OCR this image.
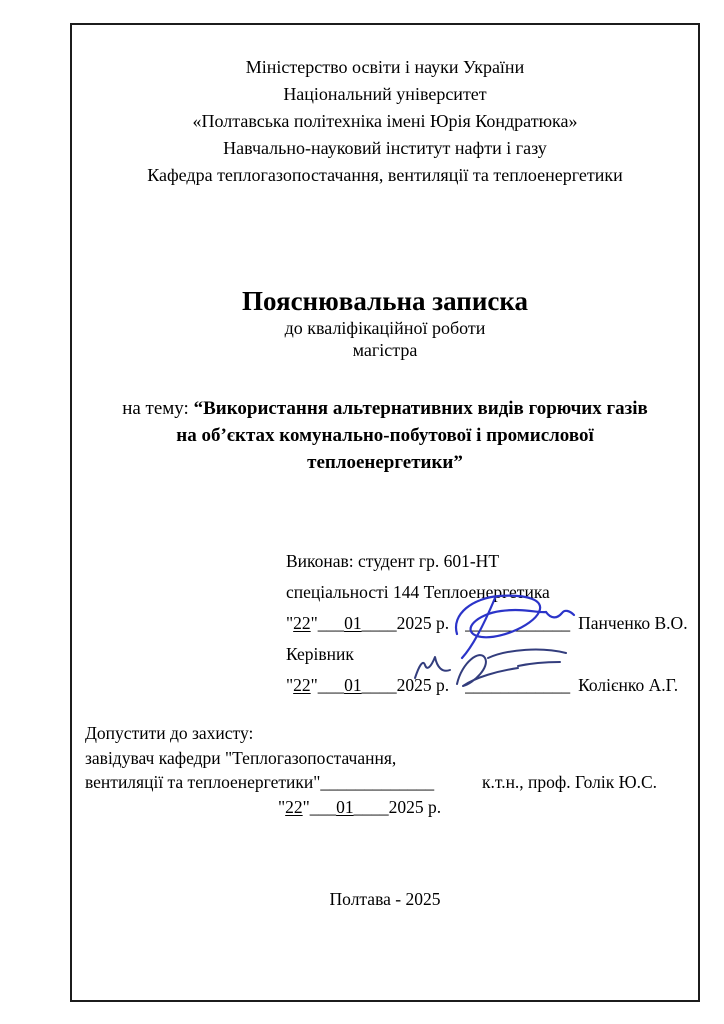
Міністерство освіти і науки України
Національний університет
«Полтавська політехніка імені Юрія Кондратюка»
Навчально-науковий інститут нафти і газу
Кафедра теплогазопостачання, вентиляції та теплоенергетики
Пояснювальна записка
до кваліфікаційної роботи
магістра
на тему: “Використання альтернативних видів горючих газів
на об’єктах комунально-побутової і промислової
теплоенергетики”
Виконав: студент гр. 601-НТ
спеціальності 144 Теплоенергетика
"22"___01____2025 р. ____________ Панченко В.О.
Керівник
"22"___01____2025 р. ____________ Колієнко А.Г.
Допустити до захисту:
завідувач кафедри "Теплогазопостачання,
вентиляції та теплоенергетики"_____________	к.т.н., проф. Голік Ю.С.
"22"___01____2025 р.
Полтава - 2025
